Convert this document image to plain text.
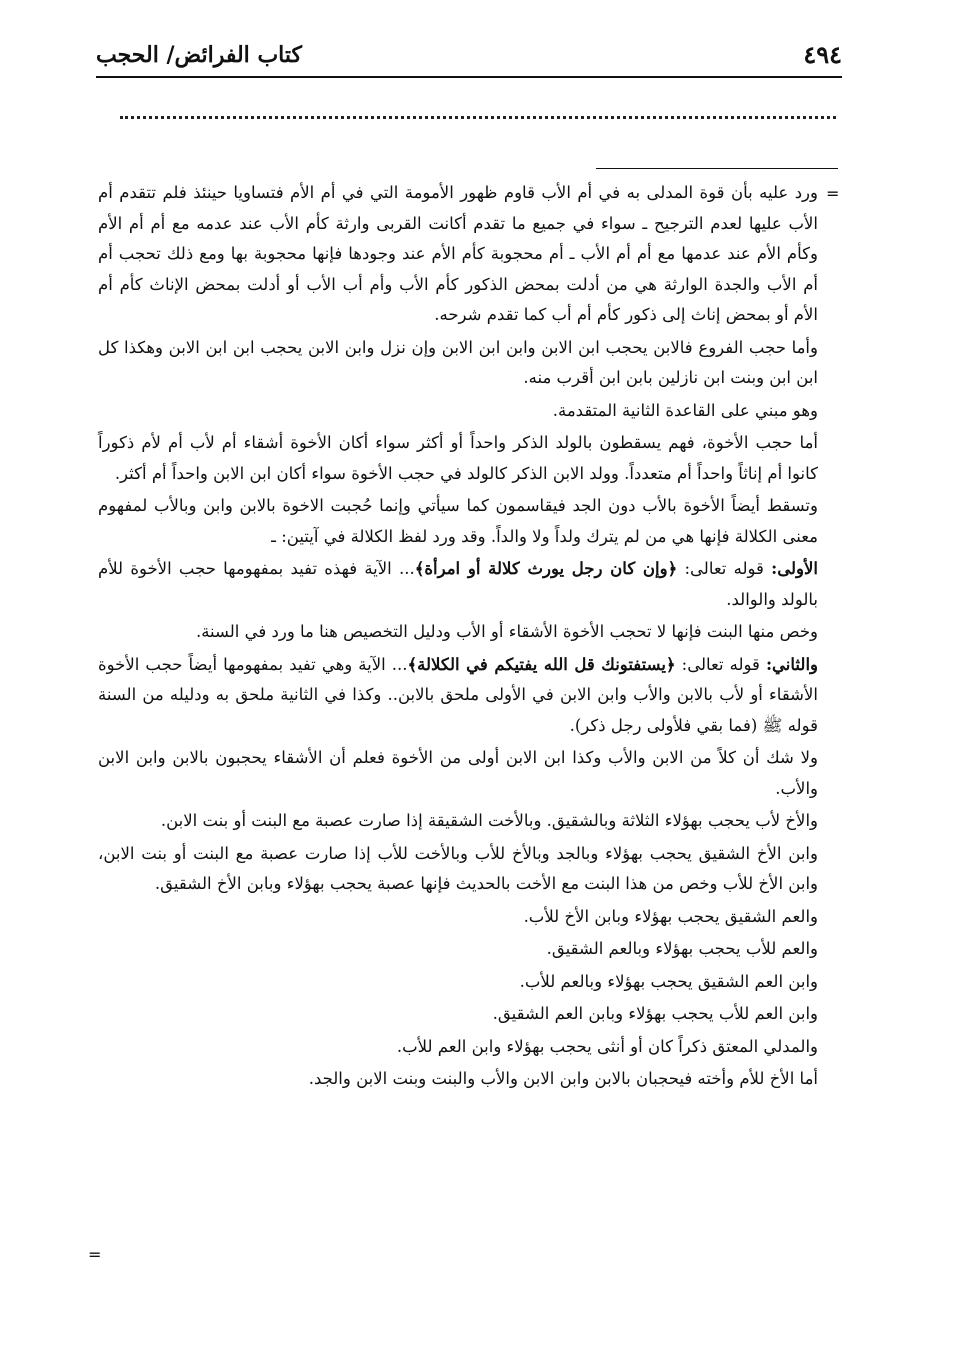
٤٩٤
كتاب الفرائض/ الحجب
=
=

ورد عليه بأن قوة المدلى به في أم الأب قاوم ظهور الأمومة التي في أم الأم فتساويا حينئذ فلم تتقدم أم الأب عليها لعدم الترجيح ـ سواء في جميع ما تقدم أكانت القربى وارثة كأم الأب عند عدمه مع أم أم الأم وكأم الأم عند عدمها مع أم أم الأب ـ أم محجوبة كأم الأم عند وجودها فإنها محجوبة بها ومع ذلك تحجب أم أم الأب والجدة الوارثة هي من أدلت بمحض الذكور كأم الأب وأم أب الأب أو أدلت بمحض الإناث كأم أم الأم أو بمحض إناث إلى ذكور كأم أم أب كما تقدم شرحه.

وأما حجب الفروع فالابن يحجب ابن الابن وابن ابن الابن وإن نزل وابن الابن يحجب ابن ابن الابن وهكذا كل ابن ابن وبنت ابن نازلين بابن ابن أقرب منه.

وهو مبني على القاعدة الثانية المتقدمة.

أما حجب الأخوة، فهم يسقطون بالولد الذكر واحداً أو أكثر سواء أكان الأخوة أشقاء أم لأب أم لأم ذكوراً كانوا أم إناثاً واحداً أم متعدداً. وولد الابن الذكر كالولد في حجب الأخوة سواء أكان ابن الابن واحداً أم أكثر.

وتسقط أيضاً الأخوة بالأب دون الجد فيقاسمون كما سيأتي وإنما حُجبت الاخوة بالابن وابن وبالأب لمفهوم معنى الكلالة فإنها هي من لم يترك ولداً ولا والداً. وقد ورد لفظ الكلالة في آيتين: ـ

الأولى: قوله تعالى: ﴿وإن كان رجل يورث كلالة أو امرأة﴾... الآية فهذه تفيد بمفهومها حجب الأخوة للأم بالولد والوالد.

وخص منها البنت فإنها لا تحجب الأخوة الأشقاء أو الأب ودليل التخصيص هنا ما ورد في السنة.

والثاني: قوله تعالى: ﴿يستفتونك قل الله يفتيكم في الكلالة﴾... الآية وهي تفيد بمفهومها أيضاً حجب الأخوة الأشقاء أو لأب بالابن والأب وابن الابن في الأولى ملحق بالابن.. وكذا في الثانية ملحق به ودليله من السنة قوله ﷺ (فما بقي فلأولى رجل ذكر).

ولا شك أن كلاً من الابن والأب وكذا ابن الابن أولى من الأخوة فعلم أن الأشقاء يحجبون بالابن وابن الابن والأب.

والأخ لأب يحجب بهؤلاء الثلاثة وبالشقيق. وبالأخت الشقيقة إذا صارت عصبة مع البنت أو بنت الابن.

وابن الأخ الشقيق يحجب بهؤلاء وبالجد وبالأخ للأب وبالأخت للأب إذا صارت عصبة مع البنت أو بنت الابن، وابن الأخ للأب وخص من هذا البنت مع الأخت بالحديث فإنها عصبة يحجب بهؤلاء وبابن الأخ الشقيق.

والعم الشقيق يحجب بهؤلاء وبابن الأخ للأب.

والعم للأب يحجب بهؤلاء وبالعم الشقيق.

وابن العم الشقيق يحجب بهؤلاء وبالعم للأب.

وابن العم للأب يحجب بهؤلاء وبابن العم الشقيق.

والمدلي المعتق ذكراً كان أو أنثى يحجب بهؤلاء وابن العم للأب.

أما الأخ للأم وأخته فيحجبان بالابن وابن الابن والأب والبنت وبنت الابن والجد.
